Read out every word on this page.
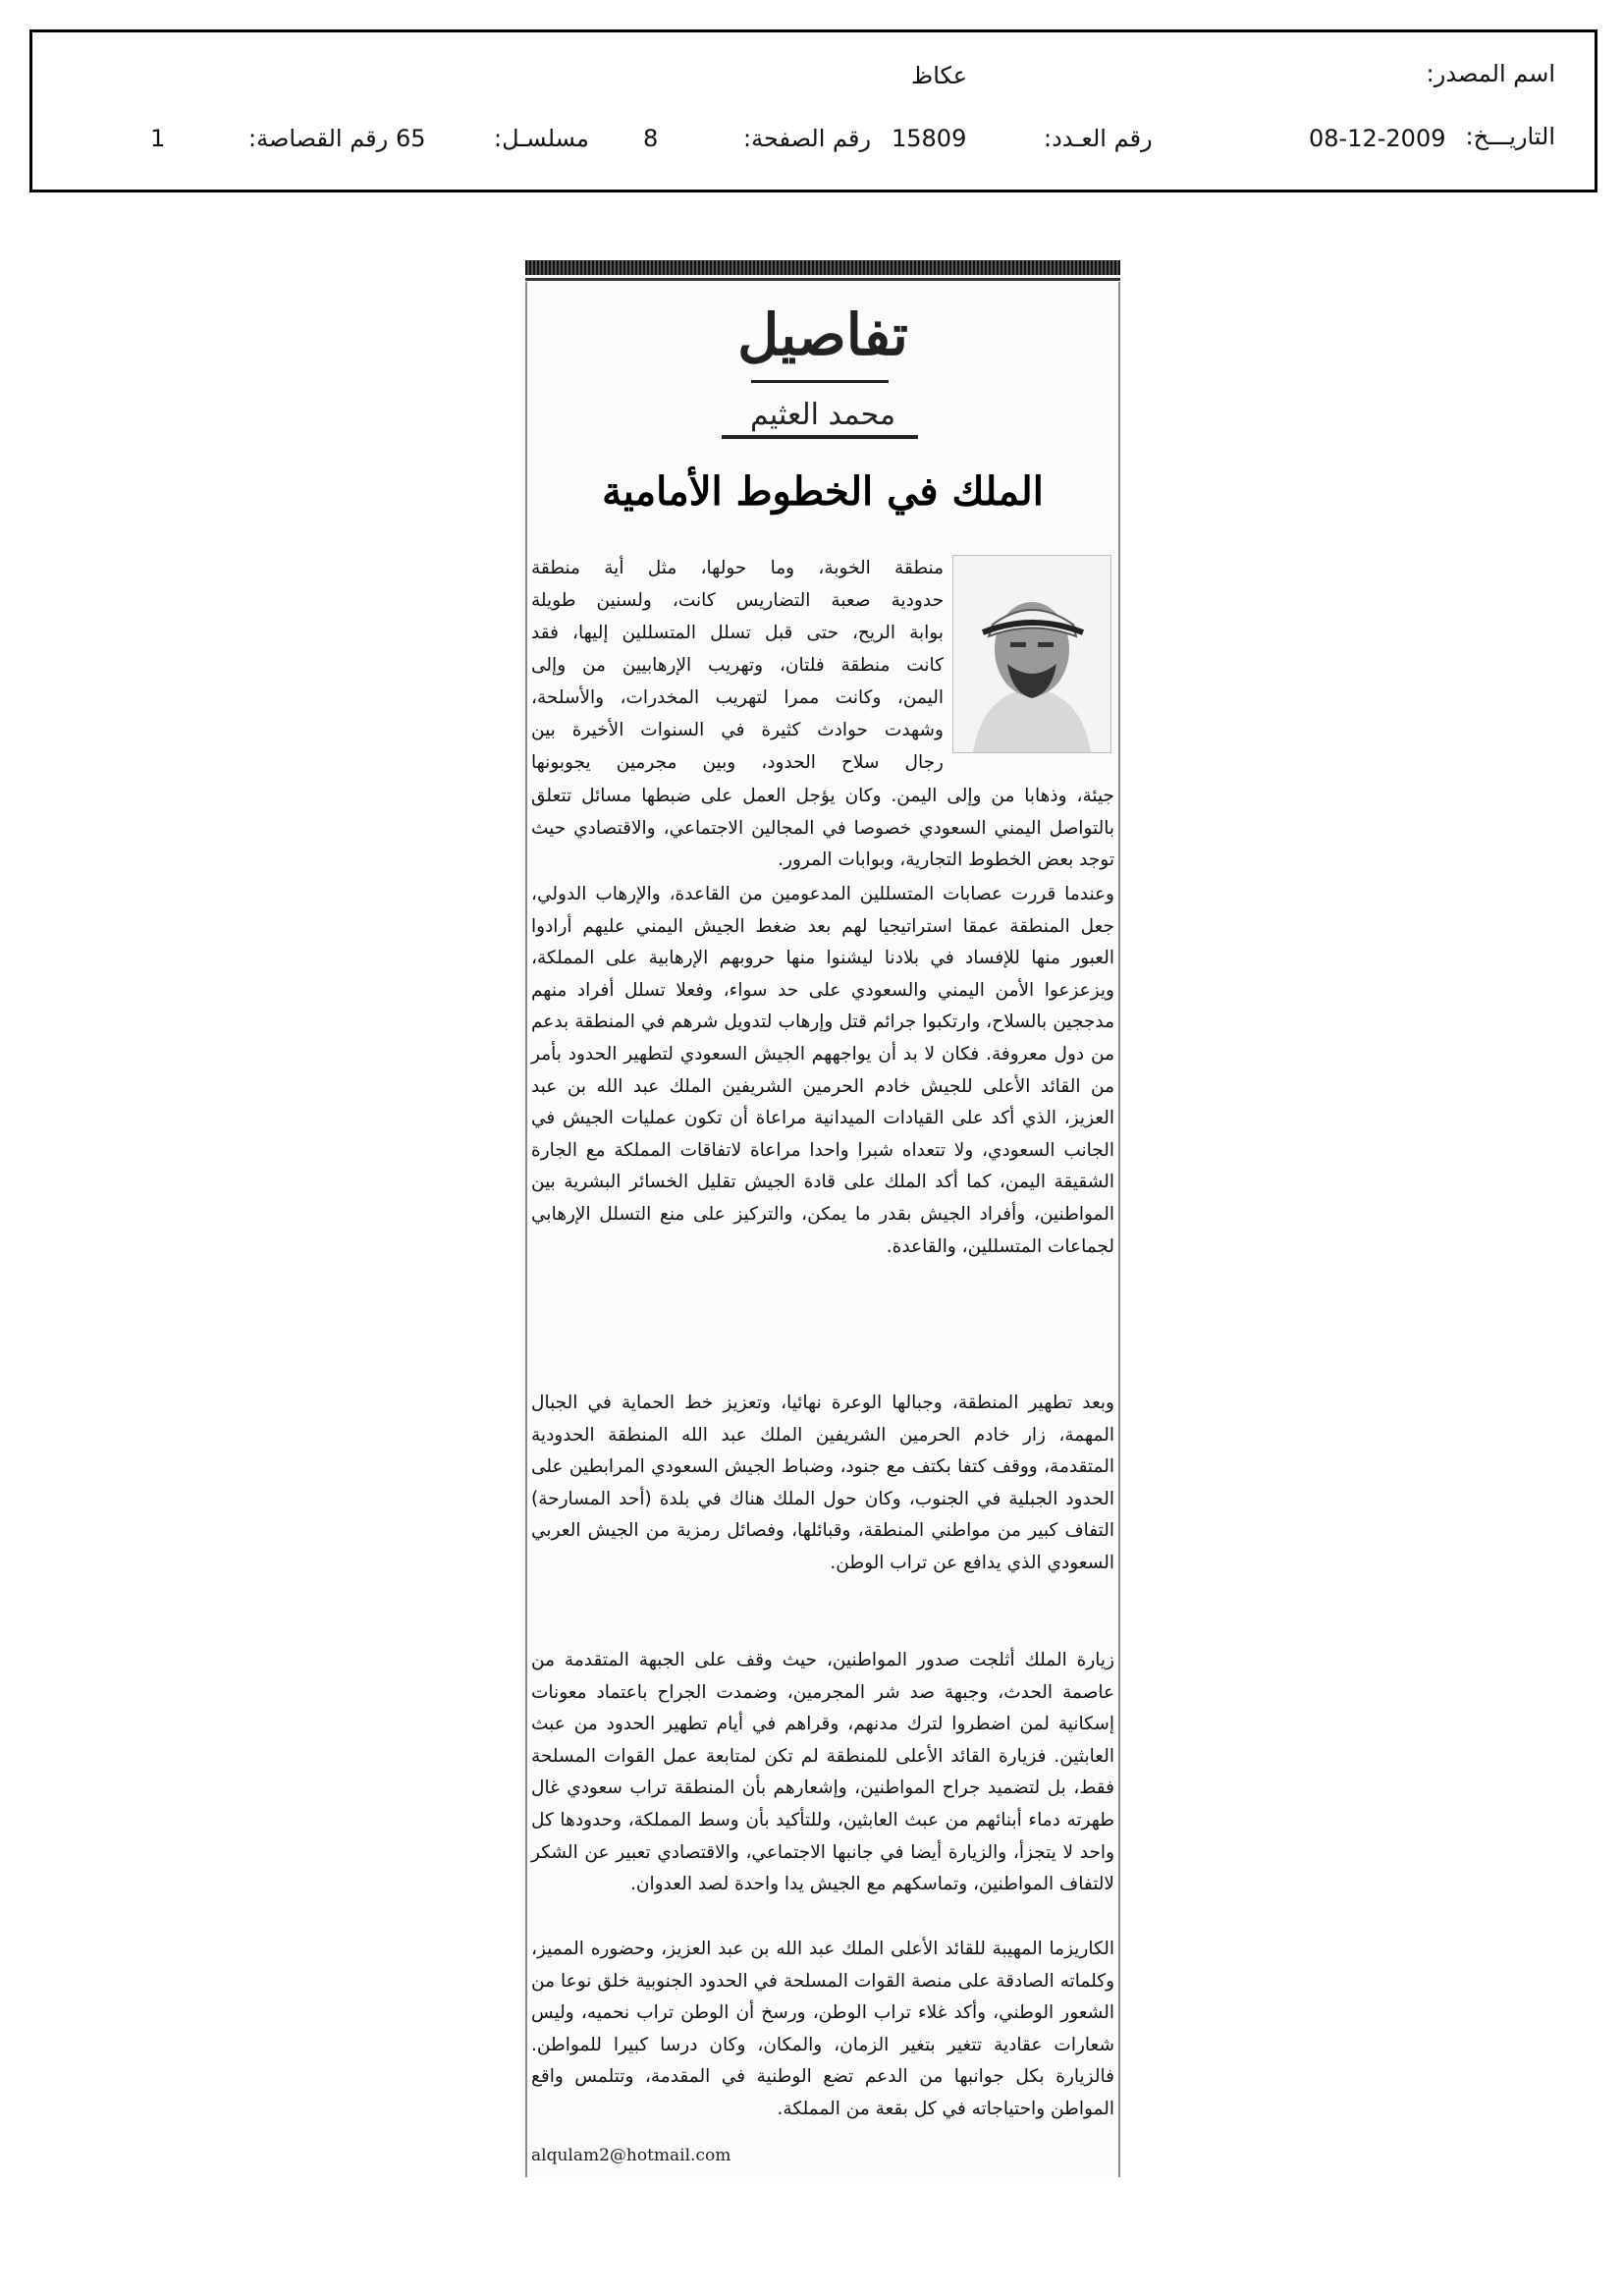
اسم المصدر:
عكاظ
التاريـــخ:
08-12-2009
رقم العـدد:
15809
رقم الصفحة:
8
مسلسـل:
65
رقم القصاصة:
1
تفاصيل
محمد العثيم
الملك في الخطوط الأمامية
منطقة الخوبة، وما حولها، مثل أية منطقة
حدودية صعبة التضاريس كانت، ولسنين طويلة
بوابة الريح، حتى قبل تسلل المتسللين إليها، فقد
كانت منطقة فلتان، وتهريب الإرهابيين من وإلى
اليمن، وكانت ممرا لتهريب المخدرات، والأسلحة،
وشهدت حوادث كثيرة في السنوات الأخيرة بين
رجال سلاح الحدود، وبين مجرمين يجوبونها
جيئة، وذهابا من وإلى اليمن. وكان يؤجل العمل على ضبطها مسائل تتعلق بالتواصل اليمني السعودي خصوصا في المجالين الاجتماعي، والاقتصادي حيث توجد بعض الخطوط التجارية، وبوابات المرور.
وعندما قررت عصابات المتسللين المدعومين من القاعدة، والإرهاب الدولي، جعل المنطقة عمقا استراتيجيا لهم بعد ضغط الجيش اليمني عليهم أرادوا العبور منها للإفساد في بلادنا ليشنوا منها حروبهم الإرهابية على المملكة، ويزعزعوا الأمن اليمني والسعودي على حد سواء، وفعلا تسلل أفراد منهم مدججين بالسلاح، وارتكبوا جرائم قتل وإرهاب لتدويل شرهم في المنطقة بدعم من دول معروفة. فكان لا بد أن يواجههم الجيش السعودي لتطهير الحدود بأمر من القائد الأعلى للجيش خادم الحرمين الشريفين الملك عبد الله بن عبد العزيز، الذي أكد على القيادات الميدانية مراعاة أن تكون عمليات الجيش في الجانب السعودي، ولا تتعداه شبرا واحدا مراعاة لاتفاقات المملكة مع الجارة الشقيقة اليمن، كما أكد الملك على قادة الجيش تقليل الخسائر البشرية بين المواطنين، وأفراد الجيش بقدر ما يمكن، والتركيز على منع التسلل الإرهابي لجماعات المتسللين، والقاعدة.
وبعد تطهير المنطقة، وجبالها الوعرة نهائيا، وتعزيز خط الحماية في الجبال المهمة، زار خادم الحرمين الشريفين الملك عبد الله المنطقة الحدودية المتقدمة، ووقف كتفا بكتف مع جنود، وضباط الجيش السعودي المرابطين على الحدود الجبلية في الجنوب، وكان حول الملك هناك في بلدة (أحد المسارحة) التفاف كبير من مواطني المنطقة، وقبائلها، وفصائل رمزية من الجيش العربي السعودي الذي يدافع عن تراب الوطن.
زيارة الملك أثلجت صدور المواطنين، حيث وقف على الجبهة المتقدمة من عاصمة الحدث، وجبهة صد شر المجرمين، وضمدت الجراح باعتماد معونات إسكانية لمن اضطروا لترك مدنهم، وقراهم في أيام تطهير الحدود من عبث العابثين. فزيارة القائد الأعلى للمنطقة لم تكن لمتابعة عمل القوات المسلحة فقط، بل لتضميد جراح المواطنين، وإشعارهم بأن المنطقة تراب سعودي غال طهرته دماء أبنائهم من عبث العابثين، وللتأكيد بأن وسط المملكة، وحدودها كل واحد لا يتجزأ، والزيارة أيضا في جانبها الاجتماعي، والاقتصادي تعبير عن الشكر لالتفاف المواطنين، وتماسكهم مع الجيش يدا واحدة لصد العدوان.
الكاريزما المهيبة للقائد الأعلى الملك عبد الله بن عبد العزيز، وحضوره المميز، وكلماته الصادقة على منصة القوات المسلحة في الحدود الجنوبية خلق نوعا من الشعور الوطني، وأكد غلاء تراب الوطن، ورسخ أن الوطن تراب نحميه، وليس شعارات عقادية تتغير بتغير الزمان، والمكان، وكان درسا كبيرا للمواطن. فالزيارة بكل جوانبها من الدعم تضع الوطنية في المقدمة، وتتلمس واقع المواطن واحتياجاته في كل بقعة من المملكة.
alqulam2@hotmail.com
